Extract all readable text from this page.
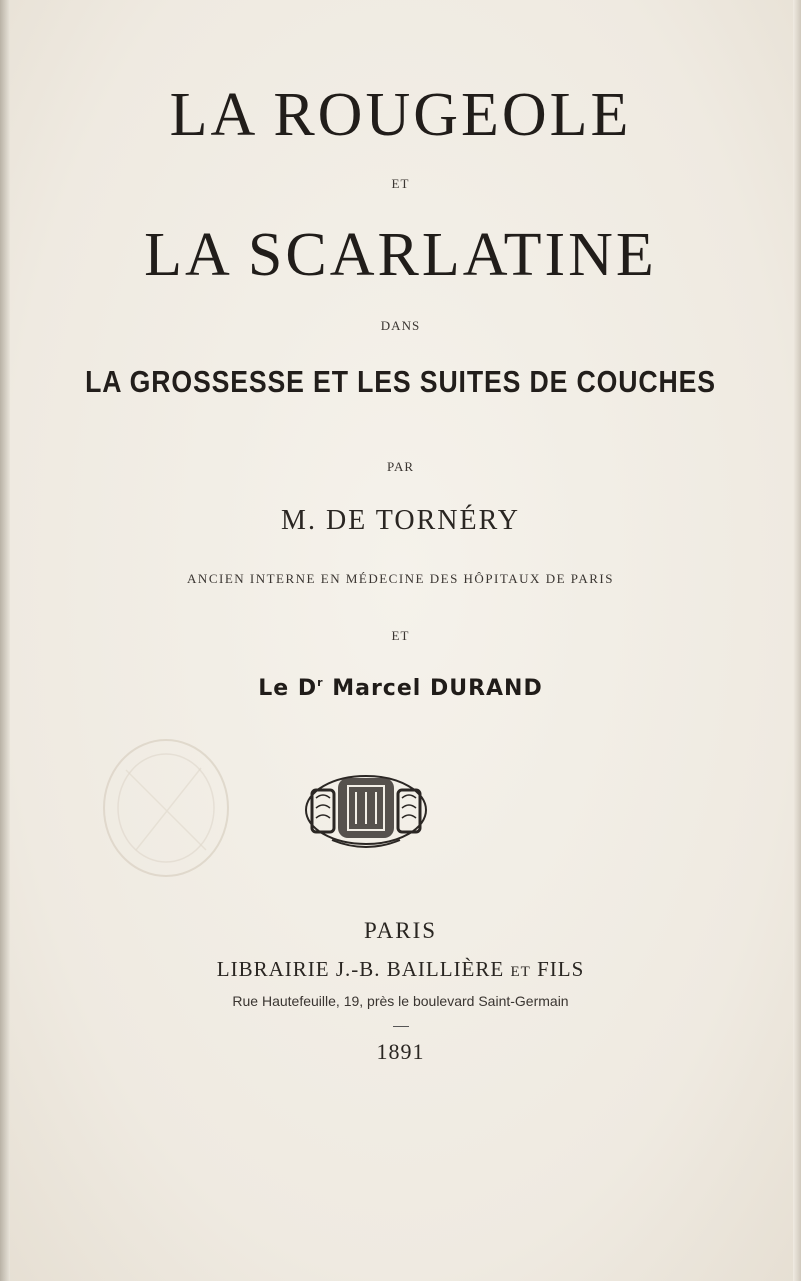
LA ROUGEOLE
ET
LA SCARLATINE
DANS
LA GROSSESSE ET LES SUITES DE COUCHES
PAR
M. DE TORNÉRY
ANCIEN INTERNE EN MÉDECINE DES HÔPITAUX DE PARIS
ET
Le $D^r$ Marcel DURAND
PARIS
LIBRAIRIE J.-B. BAILLIÈRE ET FILS
Rue Hautefeuille, 19, près le boulevard Saint-Germain
1891
